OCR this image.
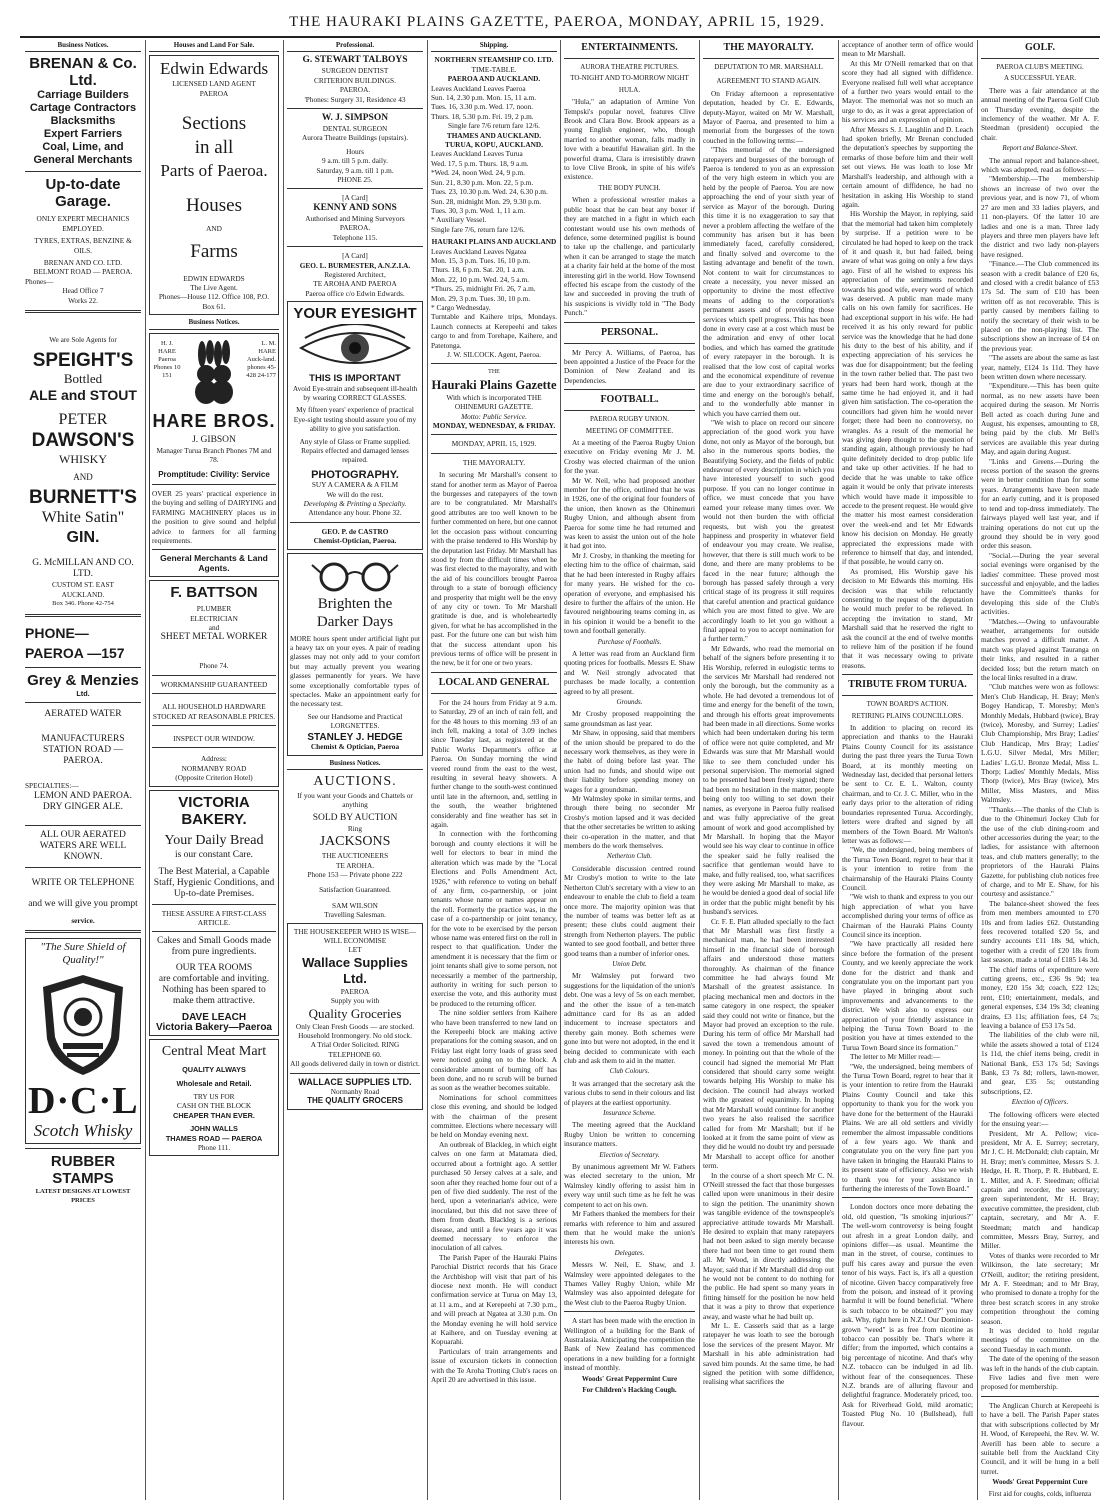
THE HAURAKI PLAINS GAZETTE, PAEROA, MONDAY, APRIL 15, 1929.
Business Notices.
BRENAN & Co. Ltd.
Carriage Builders
Cartage Contractors
Blacksmiths
Expert Farriers
Coal, Lime, and
General Merchants
Up-to-date Garage.
ONLY EXPERT MECHANICS EMPLOYED.
TYRES, EXTRAS, BENZINE & OILS.
BRENAN AND CO. LTD.
BELMONT ROAD — PAEROA.
Phones—
Head Office 7
Works 22.
We are Sole Agents for
SPEIGHT'S
Bottled
ALE and STOUT
PETER
DAWSON'S
WHISKY
AND
BURNETT'S
White Satin"
GIN.
G. McMILLAN AND CO. LTD.
CUSTOM ST. EAST
AUCKLAND.
Box 346. Phone 42-754
PHONE—PAEROA —157
Grey & Menzies
Ltd.
AERATED WATER
MANUFACTURERS
STATION ROAD — PAEROA.
SPECIALTIES:—
LEMON AND PAEROA.
DRY GINGER ALE.
ALL OUR AERATED WATERS ARE WELL KNOWN.
WRITE OR TELEPHONE
and we will give you prompt
service.
"The Sure Shield of Quality!"
D·C·L
Scotch Whisky
RUBBER STAMPS
LATEST DESIGNS AT LOWEST PRICES
Houses and Land For Sale.
Edwin Edwards
LICENSED LAND AGENT
PAEROA
Sections
in all
Parts of Paeroa.
Houses
AND
Farms
EDWIN EDWARDS
The Live Agent.
Phones—House 112. Office 108, P.O. Box 61.
Business Notices.
H. J. HARE Paeroa Phones 10 151
L. M. HARE Auck-land. phones 45-428 24-177
HARE BROS.
J. GIBSON
Manager Turua Branch Phones 7M and 78.
Promptitude: Civility: Service
OVER 25 years' practical experience in the buying and selling of DAIRYING and FARMING MACHINERY places us in the position to give sound and helpful advice to farmers for all farming requirements.
General Merchants & Land Agents.
F. BATTSON
PLUMBER
ELECTRICIAN
and
SHEET METAL WORKER
Phone 74.
WORKMANSHIP GUARANTEED
ALL HOUSEHOLD HARDWARE STOCKED AT REASONABLE PRICES.
INSPECT OUR WINDOW.
Address:
NORMANBY ROAD
(Opposite Criterion Hotel)
VICTORIA BAKERY.
Your Daily Bread
is our constant Care.
The Best Material, a Capable Staff, Hygienic Conditions, and Up-to-date Premises.
THESE ASSURE A FIRST-CLASS ARTICLE.
Cakes and Small Goods made from pure ingredients.
OUR TEA ROOMS
are comfortable and inviting. Nothing has been spared to make them attractive.
DAVE LEACH
Victoria Bakery—Paeroa
Central Meat Mart
QUALITY ALWAYS
Wholesale and Retail.
TRY US FOR
CASH ON THE BLOCK
CHEAPER THAN EVER.
JOHN WALLS
THAMES ROAD — PAEROA
Phone 111.
Professional.
G. STEWART TALBOYS
SURGEON DENTIST
CRITERION BUILDINGS.
PAEROA.
'Phones: Surgery 31, Residence 43
W. J. SIMPSON
DENTAL SURGEON
Aurora Theatre Buildings (upstairs).
Hours
9 a.m. till 5 p.m. daily.
Saturday, 9 a.m. till 1 p.m.
PHONE 25.
[A Card]
KENNY AND SONS
Authorised and Mining Surveyors
PAEROA.
Telephone 115.
[A Card]
GEO. L. BURMESTER, A.N.Z.I.A.
Registered Architect,
TE AROHA AND PAEROA
Paeroa office c/o Edwin Edwards.
YOUR EYESIGHT
THIS IS IMPORTANT
Avoid Eye-strain and subsequent ill-health by wearing CORRECT GLASSES.
My fifteen years' experience of practical Eye-sight testing should assure you of my ability to give you satisfaction.
Any style of Glass or Frame supplied.
Repairs effected and damaged lenses repaired.
PHOTOGRAPHY.
SUY A CAMERA & A FILM
We will do the rest.
Developing & Printing a Specialty.
Attendance any hour. Phone 32.
GEO. P. de CASTRO
Chemist-Optician, Paeroa.
Brighten the
Darker Days
MORE hours spent under artificial light put a heavy tax on your eyes. A pair of reading glasses may not only add to your comfort but may actually prevent you wearing glasses permanently for years. We have some exceptionally comfortable types of spectacles. Make an appointment early for the necessary test.
See our Handsome and Practical LORGNETTES.
STANLEY J. HEDGE
Chemist & Optician, Paeroa
Business Notices.
AUCTIONS.
If you want your Goods and Chattels or anything
SOLD BY AUCTION
Ring
JACKSONS
THE AUCTIONEERS
TE AROHA.
Phone 153 — Private phone 222
Satisfaction Guaranteed.
SAM WILSON
Travelling Salesman.
THE HOUSEKEEPER WHO IS WISE—
WILL ECONOMISE
LET
Wallace Supplies Ltd.
PAEROA
Supply you with
Quality Groceries
Only Clean Fresh Goods — are stocked.
Household Ironmongery. No old stock.
A Trial Order Solicited. RING TELEPHONE 60.
All goods delivered daily in town or district.
WALLACE SUPPLIES LTD.
Normanby Road
THE QUALITY GROCERS
Shipping.
NORTHERN STEAMSHIP CO. LTD.
TIME-TABLE.
PAEROA AND AUCKLAND.
Leaves Auckland Leaves Paeroa
Sun. 14, 2.30 p.m. Mon. 15, 11 a.m.
Tues. 16, 3.30 p.m. Wed. 17, noon.
Thurs. 18, 5.30 p.m. Fri. 19, 2 p.m.
Single fare 7/6 return fare 12/6.
THAMES AND AUCKLAND.
TURUA, KOPU, AUCKLAND.
Leaves Auckland Leaves Turua
Wed. 17, 5 p.m. Thurs. 18, 9 a.m.
*Wed. 24, noon Wed. 24, 9 p.m.
Sun. 21, 8.30 p.m. Mon. 22, 5 p.m.
Tues. 23, 10.30 p.m. Wed. 24, 6.30 p.m.
Sun. 28, midnight Mon. 29, 9.30 p.m.
Tues. 30, 3 p.m. Wed. 1, 11 a.m.
* Auxiliary Vessel.
Single fare 7/6, return fare 12/6.
HAURAKI PLAINS AND AUCKLAND
Leaves Auckland Leaves Ngatea
Mon. 15, 3 p.m. Tues. 16, 10 p.m.
Thurs. 18, 6 p.m. Sat. 20, 1 a.m.
Mon. 22, 10 p.m. Wed. 24, 5 a.m.
*Thurs. 25, midnight Fri. 26, 7 a.m.
Mon. 29, 3 p.m. Tues. 30, 10 p.m.
* Cargo Wednesday.
Turntable and Kaihere trips, Mondays. Launch connects at Kerepeehi and takes cargo to and from Torehape, Kaihere, and Patetonga.
J. W. SILCOCK. Agent, Paeroa.
THE
Hauraki Plains Gazette
With which is incorporated THE OHINEMURI GAZETTE.
Motto: Public Service.
MONDAY, WEDNESDAY, & FRIDAY.
MONDAY, APRIL 15, 1929.
THE MAYORALTY.
In securing Mr Marshall's consent to stand for another term as Mayor of Paeroa the burgesses and ratepayers of the town are to be congratulated. Mr Marshall's good attributes are too well known to be further commented on here, but one cannot let the occasion pass without concurring with the praise tendered to His Worship by the deputation last Friday. Mr Marshall has stood by from the difficult times when he was first elected to the mayoralty, and with the aid of his councillors brought Paeroa through to a state of borough efficiency and prosperity that might well be the envy of any city or town. To Mr Marshall gratitude is due, and is wholeheartedly given, for what he has accomplished in the past. For the future one can but wish him that the success attendant upon his previous terms of office will be present in the new, be it for one or two years.
LOCAL AND GENERAL
For the 24 hours from Friday at 9 a.m. to Saturday, 29 of an inch of rain fell, and for the 48 hours to this morning .93 of an inch fell, making a total of 3.09 inches since Tuesday last, as registered at the Public Works Department's office at Paeroa. On Sunday morning the wind veered round from the east to the west, resulting in several heavy showers. A further change to the south-west continued until late in the afternoon, and, settling in the south, the weather brightened considerably and fine weather has set in again.
In connection with the forthcoming borough and county elections it will be well for electors to bear in mind the alteration which was made by the "Local Elections and Polls Amendment Act, 1926," with reference to voting on behalf of any firm, co-partnership, or joint tenants whose name or names appear on the roll. Formerly the practice was, in the case of a co-partnership or joint tenancy, for the vote to be exercised by the person whose name was entered first on the roll in respect to that qualification. Under the amendment it is necessary that the firm or joint tenants shall give to some person, not necessarily a member of the partnership, authority in writing for such person to exercise the vote, and this authority must be produced to the returning officer.
The nine soldier settlers from Kaihere who have been transferred to new land on the Kerepeehi block are making active preparations for the coming season, and on Friday last eight lorry loads of grass seed were noticed going on to the block. A considerable amount of burning off has been done, and no re scrub will be burned as soon as the weather becomes suitable.
Nominations for school committees close this evening, and should be lodged with the chairman of the present committee. Elections where necessary will be held on Monday evening next.
An outbreak of Blackleg, in which eight calves on one farm at Matamata died, occurred about a fortnight ago. A settler purchased 50 Jersey calves at a sale, and soon after they reached home four out of a pen of five died suddenly. The rest of the herd, upon a veterinarian's advice, were inoculated, but this did not save three of them from death. Blackleg is a serious disease, and until a few years ago it was deemed necessary to enforce the inoculation of all calves.
The Parish Paper of the Hauraki Plains Parochial District records that his Grace the Archbishop will visit that part of his diocese next month. He will conduct confirmation service at Turua on May 13, at 11 a.m., and at Kerepeehi at 7.30 p.m., and will preach at Ngatea at 3.30 p.m. On the Monday evening he will hold service at Kaihere, and on Tuesday evening at Kopuarahi.
Particulars of train arrangements and issue of excursion tickets in connection with the Te Aroha Trotting Club's races on April 20 are advertised in this issue.
ENTERTAINMENTS.
AURORA THEATRE PICTURES.
TO-NIGHT AND TO-MORROW NIGHT
HULA.
"Hula," an adaptation of Armine Von Tempski's popular novel, features Clive Brook and Clara Bow. Brook appears as a young English engineer, who, though married to another woman, falls madly in love with a beautiful Hawaiian girl. In the powerful drama, Clara is irresistibly drawn to love Clive Brook, in spite of his wife's existence.
THE BODY PUNCH.
When a professional wrestler makes a public boast that he can beat any boxer if they are matched in a fight in which each contestant would use his own methods of defence, some determined pugilist is bound to take up the challenge, and particularly when it can be arranged to stage the match at a charity fair held at the home of the most interesting girl in the world. How Townsend effected his escape from the custody of the law and succeeded in proving the truth of his suspicions is vividly told in "The Body Punch."
PERSONAL.
Mr Percy A. Williams, of Paeroa, has been appointed a Justice of the Peace for the Dominion of New Zealand and its Dependencies.
FOOTBALL.
PAEROA RUGBY UNION.
MEETING OF COMMITTEE.
At a meeting of the Paeroa Rugby Union executive on Friday evening Mr J. M. Crosby was elected chairman of the union for the year.
Mr W. Neil, who had proposed another member for the office, outlined that he was in 1926, one of the original four founders of the union, then known as the Ohinemuri Rugby Union, and although absent from Paeroa for some time he had returned and was keen to assist the union out of the hole it had got into.
Mr J. Crosby, in thanking the meeting for electing him to the office of chairman, said that he had been interested in Rugby affairs for many years. He wished for the co-operation of everyone, and emphasised his desire to further the affairs of the union. He favoured neighbouring teams coming in, as in his opinion it would be a benefit to the town and football generally.
Purchase of Footballs.
A letter was read from an Auckland firm quoting prices for footballs. Messrs E. Shaw and W. Neil strongly advocated that purchases be made locally, a contention agreed to by all present.
Grounds.
Mr Crosby proposed reappointing the same groundsman as last year.
Mr Shaw, in opposing, said that members of the union should be prepared to do the necessary work themselves, as they were in the habit of doing before last year. The union had no funds, and should wipe out their liability before spending money on wages for a groundsman.
Mr Walmsley spoke in similar terms, and through there being no seconder Mr Crosby's motion lapsed and it was decided that the other secretaries be written to asking their co-operation in the matter, and that members do the work themselves.
Netherton Club.
Considerable discussion centred round Mr Crosby's motion to write to the late Netherton Club's secretary with a view to an endeavour to enable the club to field a team once more. The majority opinion was that the number of teams was better left as at present; these clubs could augment their strength from Netherton players. The public wanted to see good football, and better three good teams than a number of inferior ones.
Union Debt.
Mr Walmsley put forward two suggestions for the liquidation of the union's debt. One was a levy of 5s on each member, and the other the issue of a ten-match admittance card for 8s as an added inducement to increase spectators and thereby gain money. Both schemes were gone into but were not adopted, in the end it being decided to communicate with each club and ask them to aid in the matter.
Club Colours.
It was arranged that the secretary ask the various clubs to send in their colours and list of players at the earliest opportunity.
Insurance Scheme.
The meeting agreed that the Auckland Rugby Union be written to concerning insurance matters.
Election of Secretary.
By unanimous agreement Mr W. Fathers was elected secretary to the union, Mr Walmsley kindly offering to assist him in every way until such time as he felt he was competent to act on his own.
Mr Fathers thanked the members for their remarks with reference to him and assured them that he would make the union's interests his own.
Delegates.
Messrs W. Neil, E. Shaw, and J. Walmsley were appointed delegates to the Thames Valley Rugby Union, while Mr Walmsley was also appointed delegate for the West club to the Paeroa Rugby Union.
A start has been made with the erection in Wellington of a building for the Bank of Australasia. Anticipating the competition the Bank of New Zealand has commenced operations in a new building for a fortnight instead of monthly.
Woods' Great Peppermint Cure
For Children's Hacking Cough.
THE MAYORALTY.
DEPUTATION TO MR. MARSHALL
AGREEMENT TO STAND AGAIN.
On Friday afternoon a representative deputation, headed by Cr. E. Edwards, deputy-Mayor, waited on Mr W. Marshall, Mayor of Paeroa, and presented to him a memorial from the burgesses of the town couched in the following terms:—
"This memorial of the undersigned ratepayers and burgesses of the borough of Paeroa is tendered to you as an expression of the very high esteem in which you are held by the people of Paeroa. You are now approaching the end of your sixth year of service as Mayor of the borough. During this time it is no exaggeration to say that never a problem affecting the welfare of the community has arisen but it has been immediately faced, carefully considered, and finally solved and overcome to the lasting advantage and benefit of the town. Not content to wait for circumstances to create a necessity, you never missed an opportunity to divine the most effective means of adding to the corporation's permanent assets and of providing those services which spell progress. This has been done in every case at a cost which must be the admiration and envy of other local bodies, and which has earned the gratitude of every ratepayer in the borough. It is realised that the low cost of capital works and the economical expenditure of revenue are due to your extraordinary sacrifice of time and energy on the borough's behalf, and to the wonderfully able manner in which you have carried them out.
"We wish to place on record our sincere appreciation of the good work you have done, not only as Mayor of the borough, but also in the numerous sports bodies, the Beautifying Society, and the fields of public endeavour of every description in which you have interested yourself to such good purpose. If you can no longer continue in office, we must concede that you have earned your release many times over. We would not then burden the with official requests, but wish you the greatest happiness and prosperity in whatever field of endeavour you may create. We realise, however, that there is still much work to be done, and there are many problems to be faced in the near future; although the borough has passed safely through a very critical stage of its progress it still requires that careful attention and practical guidance which you are most fitted to give. We are accordingly loath to let you go without a final appeal to you to accept nomination for a further term."
Mr Edwards, who read the memorial on behalf of the signers before presenting it to His Worship, referred in eulogistic terms to the services Mr Marshall had rendered not only the borough, but the community as a whole. He had devoted a tremendous lot of time and energy for the benefit of the town, and through his efforts great improvements had been made in all directions. Some works which had been undertaken during his term of office were not quite completed, and Mr Edwards was sure that Mr Marshall would like to see them concluded under his personal supervision. The memorial signed to be presented had been freely signed; there had been no hesitation in the matter, people being only too willing to set down their names, as everyone in Paeroa fully realised and was fully appreciative of the great amount of work and good accomplished by Mr Marshall. In hoping that the Mayor would see his way clear to continue in office the speaker said he fully realised the sacrifice that gentleman would have to make, and fully realised, too, what sacrifices they were asking Mr Marshall to make, as he would be denied a good deal of social life in order that the public might benefit by his husband's services.
Cr. F. E. Platt alluded specially to the fact that Mr Marshall was first firstly a mechanical man, he had been interested himself in the financial side of borough affairs and understood those matters thoroughly. As chairman of the finance committee he had always found Mr Marshall of the greatest assistance. In placing mechanical men and doctors in the same category in one respect, the speaker said they could not write or finance, but the Mayor had proved an exception to the rule. During his term of office Mr Marshall had saved the town a tremendous amount of money. In pointing out that the whole of the council had signed the memorial Mr Platt considered that should carry some weight towards helping His Worship to make his decision. The council had always worked with the greatest of equanimity. In hoping that Mr Marshall would continue for another two years he also realised the sacrifice called for from Mr Marshall; but if he looked at it from the same point of view as they did he would no doubt try and persuade Mr Marshall to accept office for another term.
In the course of a short speech Mr C. N. O'Neill stressed the fact that those burgesses called upon were unanimous in their desire to sign the petition. The unanimity shown was tangible evidence of the townspeople's appreciative attitude towards Mr Marshall. He desired to explain that many ratepayers had not been asked to sign merely because there had not been time to get round them all. Mr Wood, in directly addressing the Mayor, said that if Mr Marshall did drop out he would not be content to do nothing for the public. He had spent so many years in fitting himself for the position he now held that it was a pity to throw that experience away, and waste what he had built up.
Mr L. E. Casserls said that as a large ratepayer he was loath to see the borough lose the services of the present Mayor. Mr Marshall in his able administration had saved him pounds. At the same time, he had signed the petition with some diffidence, realising what sacrifices the
acceptance of another term of office would mean to Mr Marshall.
At this Mr O'Neill remarked that on that score they had all signed with diffidence. Everyone realised full well what acceptance of a further two years would entail to the Mayor. The memorial was not so much an urge to do, as it was a great appreciation of his services and an expression of opinion.
After Messrs S. J. Laughlin and D. Leach had spoken briefly, Mr Brenan concluded the deputation's speeches by supporting the remarks of those before him and their well set out views. He was loath to lose Mr Marshall's leadership, and although with a certain amount of diffidence, he had no hesitation in asking His Worship to stand again.
His Worship the Mayor, in replying, said that the memorial had taken him completely by surprise. If a petition were to be circulated he had hoped to keep on the track of it and quash it, but had failed, being aware of what was going on only a few days ago. First of all he wished to express his appreciation of the sentiments recorded towards his good wife, every word of which was deserved. A public man made many calls on his own family for sacrifices. He had exceptional support in his wife. He had received it as his only reward for public service was the knowledge that he had done his duty to the best of his ability, and if expecting appreciation of his services he was due for disappointment; but the feeling in the town rather belied that. The past two years had been hard work, though at the same time he had enjoyed it, and it had given him satisfaction. The co-operation the councillors had given him he would never forget; there had been no controversy, no wrangles. As a result of the memorial he was giving deep thought to the question of standing again, although previously he had quite definitely decided to drop public life and take up other activities. If he had to decide that he was unable to take office again it would be only that private interests which would have made it impossible to accede to the present request. He would give the matter his most earnest consideration over the week-end and let Mr Edwards know his decision on Monday. He greatly appreciated the expressions made with reference to himself that day, and intended, if that possible, he would carry on.
As promised, His Worship gave his decision to Mr Edwards this morning. His decision was that while reluctantly consenting to the request of the deputation he would much prefer to be relieved. In accepting the invitation to stand, Mr Marshall said that he reserved the right to ask the council at the end of twelve months to relieve him of the position if he found that it was necessary owing to private reasons.
TRIBUTE FROM TURUA.
TOWN BOARD'S ACTION.
RETIRING PLAINS COUNCILLORS.
In addition to placing on record its appreciation and thanks to the Hauraki Plains County Council for its assistance during the past three years the Turua Town Board, at its monthly meeting on Wednesday last, decided that personal letters be sent to Cr. E. L. Walton, county chairman, and to Cr. J. C. Miller, who in the early days prior to the alteration of riding boundaries represented Turua. Accordingly, letters were drafted and signed by all members of the Town Board. Mr Walton's letter was as follows:—
"We, the undersigned, being members of the Turua Town Board, regret to hear that it is your intention to retire from the chairmanship of the Hauraki Plains County Council.
"We wish to thank and express to you our high appreciation of what you have accomplished during your terms of office as Chairman of the Hauraki Plains County Council since its inception.
"We have practically all resided here since before the formation of the present County, and we keenly appreciate the work done for the district and thank and congratulate you on the important part you have played in bringing about such improvements and advancements to the district. We wish also to express our appreciation of your friendly assistance in helping the Turua Town Board to the position you have at times extended to the Turua Town Board since its formation."
The letter to Mr Miller read:—
"We, the undersigned, being members of the Turua Town Board, regret to hear that it is your intention to retire from the Hauraki Plains County Council and take this opportunity to thank you for the work you have done for the betterment of the Hauraki Plains. We are all old settlers and vividly remember the almost impassable conditions of a few years ago. We thank and congratulate you on the very fine part you have taken in bringing the Hauraki Plains to its present state of efficiency. Also we wish to thank you for your assistance in furthering the interests of the Town Board."
London doctors once more debating the old, old question, "Is smoking injurious?" The well-worn controversy is being fought out afresh in a great London daily, and opinions differ—as usual. Meantime the man in the street, of course, continues to puff his cares away and pursue the even tenor of his ways. Fact is, it's all a question of nicotine. Given 'baccy comparatively free from the poison, and instead of it proving harmful it will be found beneficial. "Where is such tobacco to be obtained?" you may ask. Why, right here in N.Z.! Our Dominion-grown "weed" is as free from nicotine as tobacco can possibly be. That's where it differ; from the imported, which contains a big percentage of nicotine. And that's why N.Z. tobacco can be indulged in ad lib. without fear of the consequences. These N.Z. brands are of alluring flavour and delightful fragrance. Moderately priced, too. Ask for Riverhead Gold, mild aromatic; Toasted Plug No. 10 (Bullshead), full flavour.
GOLF.
PAEROA CLUB'S MEETING.
A SUCCESSFUL YEAR.
There was a fair attendance at the annual meeting of the Paeroa Golf Club on Thursday evening, despite the inclemency of the weather. Mr A. F. Steedman (president) occupied the chair.
Report and Balance-Sheet.
The annual report and balance-sheet, which was adopted, read as follows:—
"Membership.—The membership shows an increase of two over the previous year, and is now 71, of whom 27 are men and 33 ladies players, and 11 non-players. Of the latter 10 are ladies and one is a man. Three lady players and three men players have left the district and two lady non-players have resigned.
"Finance.—The Club commenced its season with a credit balance of £20 6s, and closed with a credit balance of £53 17s 5d. The sum of £10 has been written off as not recoverable. This is partly caused by members failing to notify the secretary of their wish to be placed on the non-playing list. The subscriptions show an increase of £4 on the previous year.
"The assets are about the same as last year, namely, £124 1s 11d. They have been written down where necessary.
"Expenditure.—This has been quite normal, as no new assets have been acquired during the season. Mr Norris Bell acted as coach during June and August, his expenses, amounting to £8, being paid by the club. Mr Bell's services are available this year during May, and again during August.
"Links and Greens.—During the recess portion of the season the greens were in better condition than for some years. Arrangements have been made for an early cutting, and it is proposed to tend and top-dress immediately. The fairways played well last year, and if training operations do not cut up the ground they should be in very good order this season.
"Social.—During the year several social evenings were organised by the ladies' committee. These proved most successful and enjoyable, and the ladies have the Committee's thanks for developing this side of the Club's activities.
"Matches.—Owing to unfavourable weather, arrangements for outside matches proved a difficult matter. A match was played against Tauranga on their links, and resulted in a rather decided loss; but the return match on the local links resulted in a draw.
"Club matches were won as follows: Men's Club Handicap, H. Bray; Men's Bogey Handicap, T. Moresby; Men's Monthly Medals, Hubbard (twice), Bray (twice), Moresby, and Surrey; Ladies' Club Championship, Mrs Bray; Ladies' Club Handicap, Mrs Bray; Ladies' L.G.U. Silver Medal, Mrs Miller; Ladies' L.G.U. Bronze Medal, Miss L. Thorp; Ladies' Monthly Medals, Miss Thorp (twice), Mrs Bray (twice), Mrs Miller, Miss Masters, and Miss Walmsley.
"Thanks.—The thanks of the Club is due to the Ohinemuri Jockey Club for the use of the club dining-room and other accessories during the year; to the ladies, for assistance with afternoon teas, and club matters generally; to the proprietors of the Hauraki Plains Gazette, for publishing club notices free of charge, and to Mr E. Shaw, for his courtesy and assistance."
The balance-sheet showed the fees from men members amounted to £70 10s and from ladies £62. Outstanding fees recovered totalled £20 5s, and sundry accounts £11 18s 9d, which, together with a credit of £20 18s from last season, made a total of £185 14s 3d.
The chief items of expenditure were cutting greens, etc., £36 9s 9d; tea money, £20 15s 3d; coach, £22 12s; rent, £10; entertainment, medals, and general expenses, £34 19s 3d; cleaning drains, £3 11s; affiliation fees, £4 7s; leaving a balance of £53 17s 5d.
The liabilities of the club were nil, while the assets showed a total of £124 1s 11d, the chief items being, credit in National Bank, £53 17s 5d; Savings Bank, £3 7s 8d; rollers, lawn-mower, and gear, £35 5s; outstanding subscriptions, £2.
Election of Officers.
The following officers were elected for the ensuing year:—
President, Mr A. Pellow; vice-president, Mr A. E. Surrey; secretary, Mr J. C. H. McDonald; club captain, Mr H. Bray; men's committee, Messrs S. J. Hedge, H. R. Thorp, P. R. Hubbard, E. L. Miller, and A. F. Steedman; official captain and recorder, the secretary; green superintendent, Mr H. Bray; executive committee, the president, club captain, secretary, and Mr A. F. Steedman; match and handicap committee, Messrs Bray, Surrey, and Miller.
Votes of thanks were recorded to Mr Wilkinson, the late secretary; Mr O'Neill, auditor; the retiring president, Mr A. F. Steedman; and to Mr Bray, who promised to donate a trophy for the three best scratch scores in any stroke competition throughout the coming season.
It was decided to hold regular meetings of the committee on the second Tuesday in each month.
The date of the opening of the season was left in the hands of the club captain.
Five ladies and five men were proposed for membership.
The Anglican Church at Kerepeehi is to have a bell. The Parish Paper states that with subscriptions collected by Mr H. Wood, of Kerepeehi, the Rev. W. W. Averill has been able to secure a suitable bell from the Auckland City Council, and it will be hung in a bell turret.
Woods' Great Peppermint Cure
First aid for coughs, colds, influenza
